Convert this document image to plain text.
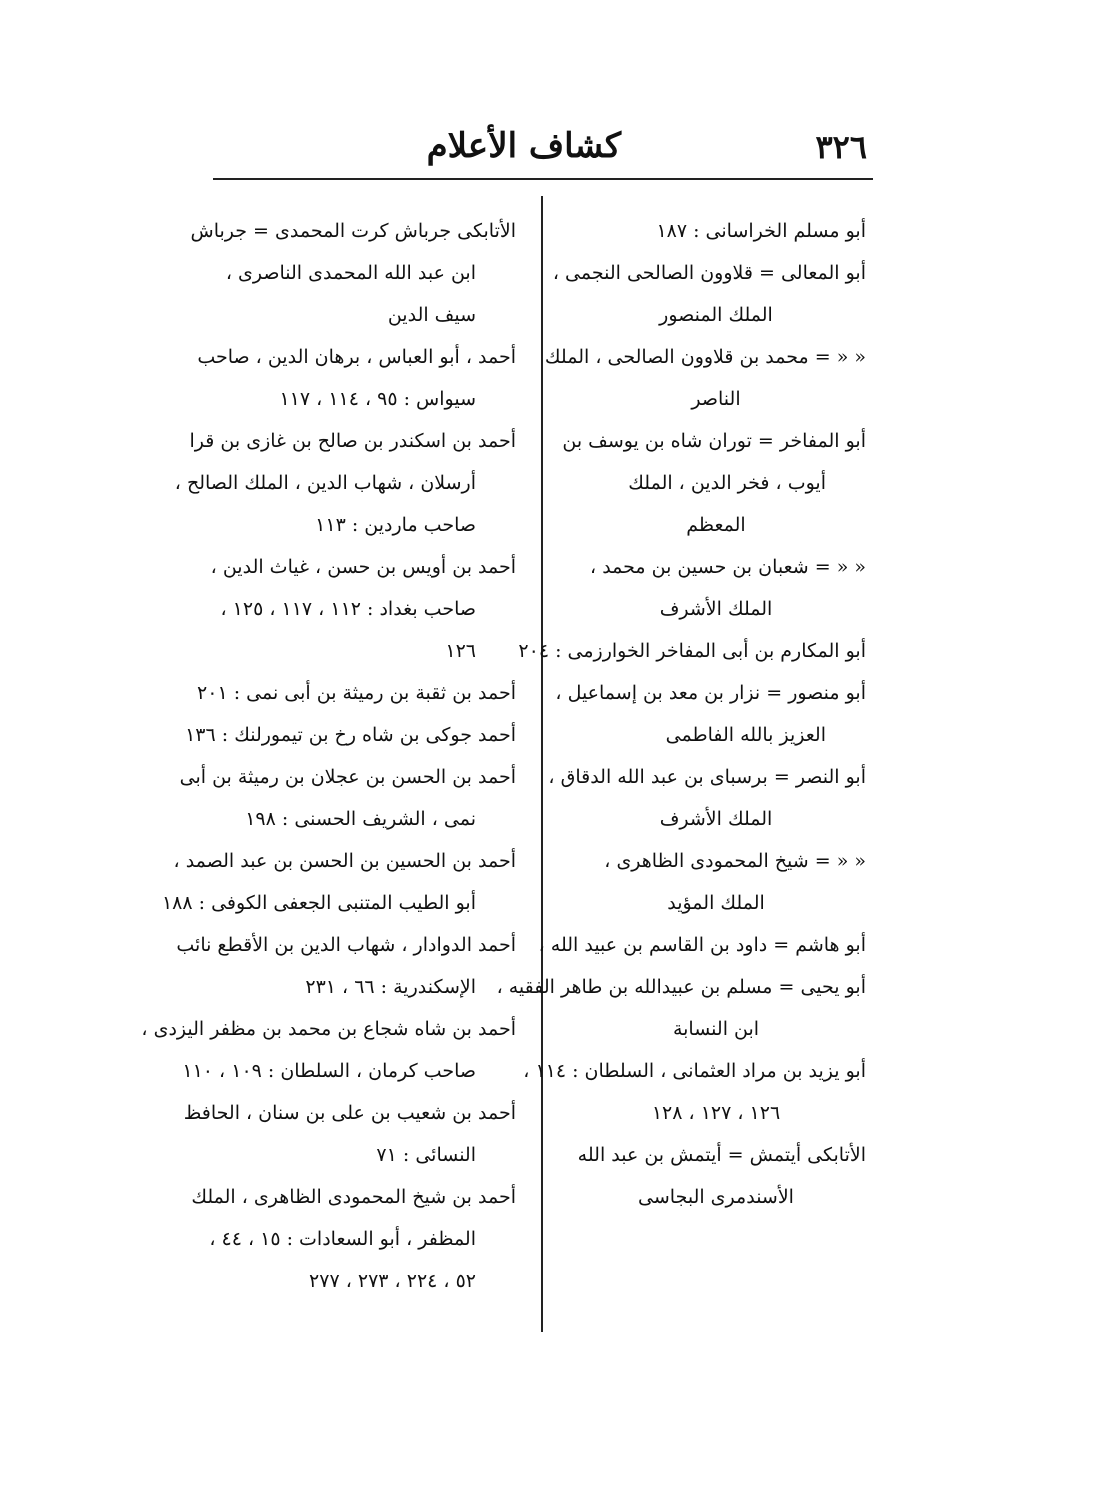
٣٢٦
كشاف الأعلام
أبو مسلم الخراسانى : ١٨٧
أبو المعالى = قلاوون الصالحى النجمى ،
الملك المنصور
« « = محمد بن قلاوون الصالحى ، الملك
الناصر
أبو المفاخر = توران شاه بن يوسف بن
أيوب ، فخر الدين ، الملك
المعظم
« « = شعبان بن حسين بن محمد ،
الملك الأشرف
أبو المكارم بن أبى المفاخر الخوارزمى : ٢٠٤
أبو منصور = نزار بن معد بن إسماعيل ،
العزيز بالله الفاطمى
أبو النصر = برسباى بن عبد الله الدقاق ،
الملك الأشرف
« « = شيخ المحمودى الظاهرى ،
الملك المؤيد
أبو هاشم = داود بن القاسم بن عبيد الله ،
أبو يحيى = مسلم بن عبيدالله بن طاهر الفقيه ،
ابن النسابة
أبو يزيد بن مراد العثمانى ، السلطان : ١١٤ ،
١٢٦ ، ١٢٧ ، ١٢٨
الأتابكى أيتمش = أيتمش بن عبد الله
الأسندمرى البجاسى
الأتابكى جرباش كرت المحمدى = جرباش
ابن عبد الله المحمدى الناصرى ،
سيف الدين
أحمد ، أبو العباس ، برهان الدين ، صاحب
سيواس : ٩٥ ، ١١٤ ، ١١٧
أحمد بن اسكندر بن صالح بن غازى بن قرا
أرسلان ، شهاب الدين ، الملك الصالح ،
صاحب ماردين : ١١٣
أحمد بن أويس بن حسن ، غياث الدين ،
صاحب بغداد : ١١٢ ، ١١٧ ، ١٢٥ ،
١٢٦
أحمد بن ثقبة بن رميثة بن أبى نمى : ٢٠١
أحمد جوكى بن شاه رخ بن تيمورلنك : ١٣٦
أحمد بن الحسن بن عجلان بن رميثة بن أبى
نمى ، الشريف الحسنى : ١٩٨
أحمد بن الحسين بن الحسن بن عبد الصمد ،
أبو الطيب المتنبى الجعفى الكوفى : ١٨٨
أحمد الدوادار ، شهاب الدين بن الأقطع نائب
الإسكندرية : ٦٦ ، ٢٣١
أحمد بن شاه شجاع بن محمد بن مظفر اليزدى ،
صاحب كرمان ، السلطان : ١٠٩ ، ١١٠
أحمد بن شعيب بن على بن سنان ، الحافظ
النسائى : ٧١
أحمد بن شيخ المحمودى الظاهرى ، الملك
المظفر ، أبو السعادات : ١٥ ، ٤٤ ،
٥٢ ، ٢٢٤ ، ٢٧٣ ، ٢٧٧
